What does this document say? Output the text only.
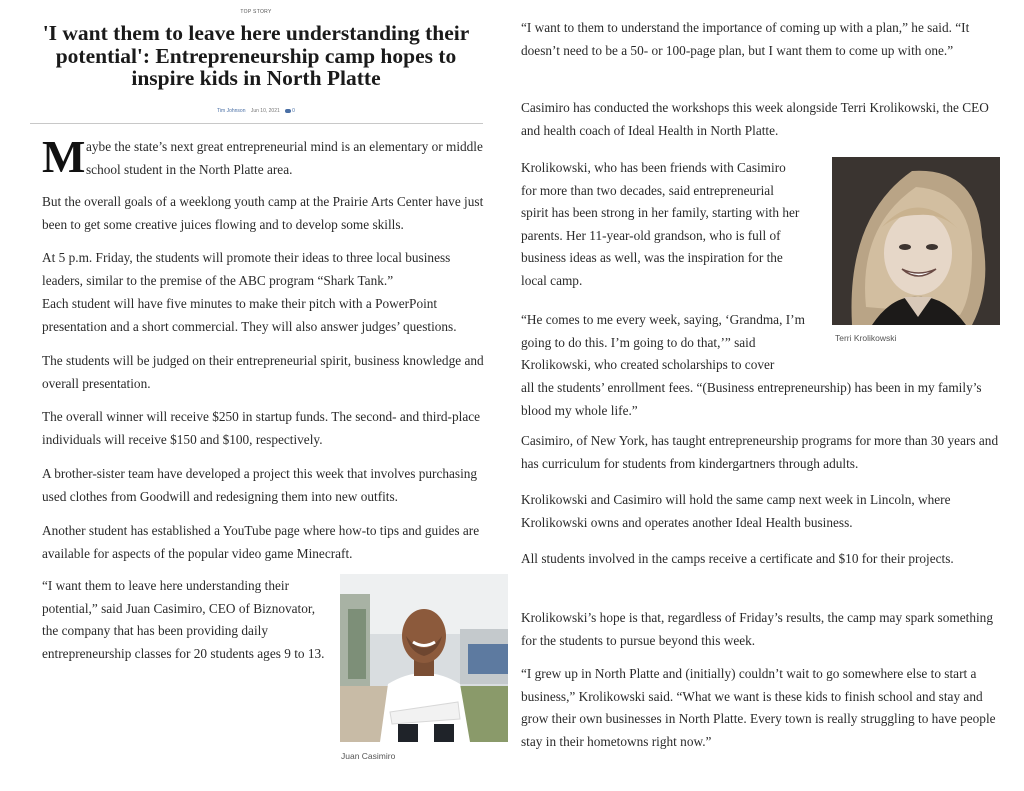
TOP STORY
'I want them to leave here understanding their potential': Entrepreneurship camp hopes to inspire kids in North Platte
Tim Johnson Jun 10, 2021 0
M aybe the state’s next great entrepreneurial mind is an elementary or middle school student in the North Platte area.

But the overall goals of a weeklong youth camp at the Prairie Arts Center have just been to get some creative juices flowing and to develop some skills.

At 5 p.m. Friday, the students will promote their ideas to three local business leaders, similar to the premise of the ABC program “Shark Tank.”

Each student will have five minutes to make their pitch with a PowerPoint presentation and a short commercial. They will also answer judges’ questions.

The students will be judged on their entrepreneurial spirit, business knowledge and overall presentation.

The overall winner will receive $250 in startup funds. The second- and third-place individuals will receive $150 and $100, respectively.

A brother-sister team have developed a project this week that involves purchasing used clothes from Goodwill and redesigning them into new outfits.

Another student has established a YouTube page where how-to tips and guides are available for aspects of the popular video game Minecraft.

“I want them to leave here understanding their potential,” said Juan Casimiro, CEO of Biznovator, the company that has been providing daily entrepreneurship classes for 20 students ages 9 to 13.

Juan Casimiro

“I want to them to understand the importance of coming up with a plan,” he said. “It doesn’t need to be a 50- or 100-page plan, but I want them to come up with one.”

Casimiro has conducted the workshops this week alongside Terri Krolikowski, the CEO and health coach of Ideal Health in North Platte.

Krolikowski, who has been friends with Casimiro for more than two decades, said entrepreneurial spirit has been strong in her family, starting with her parents. Her 11-year-old grandson, who is full of business ideas as well, was the inspiration for the local camp.

“He comes to me every week, saying, ‘Grandma, I’m going to do this. I’m going to do that,’” said Krolikowski, who created scholarships to cover

all the students’ enrollment fees. “(Business entrepreneurship) has been in my family’s blood my whole life.”

Casimiro, of New York, has taught entrepreneurship programs for more than 30 years and has curriculum for students from kindergartners through adults.

Krolikowski and Casimiro will hold the same camp next week in Lincoln, where Krolikowski owns and operates another Ideal Health business.

All students involved in the camps receive a certificate and $10 for their projects.

Krolikowski’s hope is that, regardless of Friday’s results, the camp may spark something for the students to pursue beyond this week.

“I grew up in North Platte and (initially) couldn’t wait to go somewhere else to start a business,” Krolikowski said. “What we want is these kids to finish school and stay and grow their own businesses in North Platte. Every town is really struggling to have people stay in their hometowns right now.”

Terri Krolikowski
